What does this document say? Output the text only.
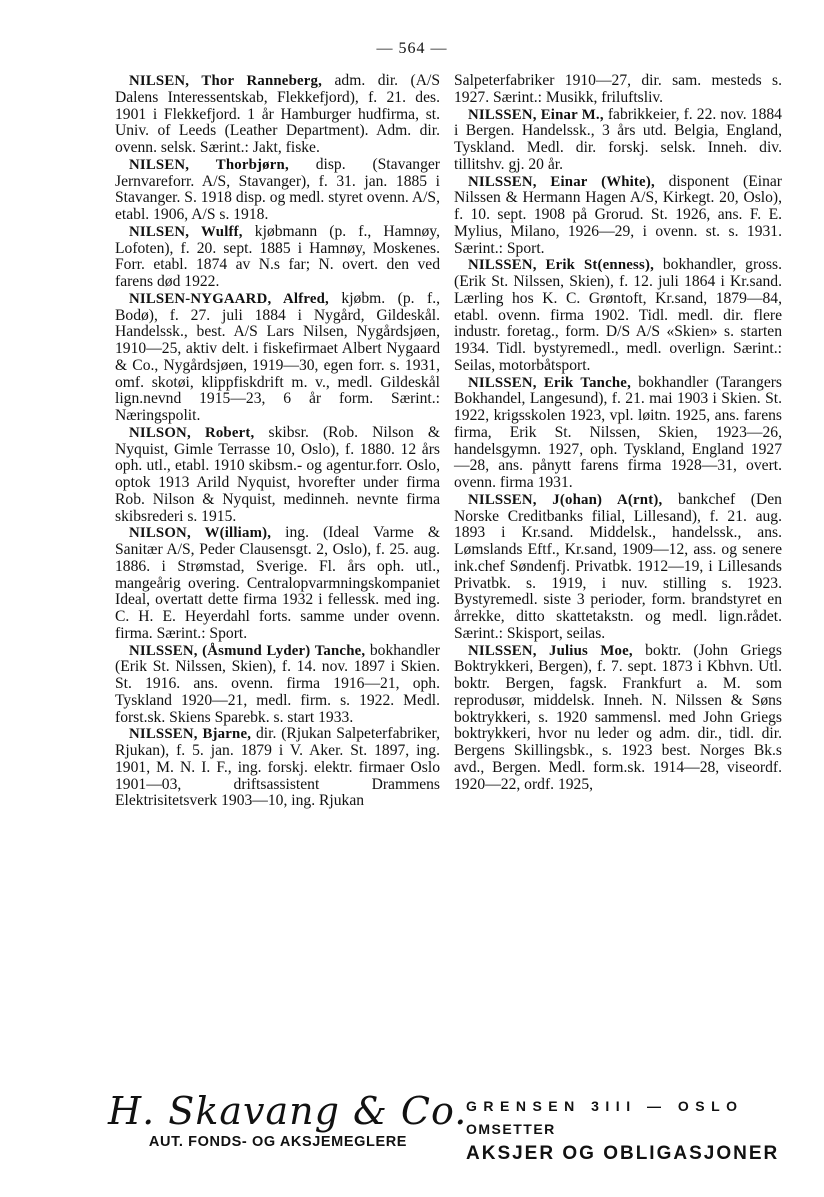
— 564 —

NILSEN, Thor Ranneberg, adm. dir. (A/S Dalens Interessentskab, Flekkefjord), f. 21. des. 1901 i Flekkefjord. 1 år Hamburger hudfirma, st. Univ. of Leeds (Leather Department). Adm. dir. ovenn. selsk. Særint.: Jakt, fiske.

NILSEN, Thorbjørn, disp. (Stavanger Jernvareforr. A/S, Stavanger), f. 31. jan. 1885 i Stavanger. S. 1918 disp. og medl. styret ovenn. A/S, etabl. 1906, A/S s. 1918.

NILSEN, Wulff, kjøbmann (p. f., Hamnøy, Lofoten), f. 20. sept. 1885 i Hamnøy, Moskenes. Forr. etabl. 1874 av N.s far; N. overt. den ved farens død 1922.

NILSEN-NYGAARD, Alfred, kjøbm. (p. f., Bodø), f. 27. juli 1884 i Nygård, Gildeskål. Handelssk., best. A/S Lars Nilsen, Nygårdsjøen, 1910—25, aktiv delt. i fiskefirmaet Albert Nygaard & Co., Nygårdsjøen, 1919—30, egen forr. s. 1931, omf. skotøi, klippfiskdrift m. v., medl. Gildeskål lign.nevnd 1915—23, 6 år form. Særint.: Næringspolit.

NILSON, Robert, skibsr. (Rob. Nilson & Nyquist, Gimle Terrasse 10, Oslo), f. 1880. 12 års oph. utl., etabl. 1910 skibsm.- og agentur.forr. Oslo, optok 1913 Arild Nyquist, hvorefter under firma Rob. Nilson & Nyquist, medinneh. nevnte firma skibsrederi s. 1915.

NILSON, W(illiam), ing. (Ideal Varme & Sanitær A/S, Peder Clausensgt. 2, Oslo), f. 25. aug. 1886. i Strømstad, Sverige. Fl. års oph. utl., mangeårig overing. Centralopvarmningskompaniet Ideal, overtatt dette firma 1932 i fellessk. med ing. C. H. E. Heyerdahl forts. samme under ovenn. firma. Særint.: Sport.

NILSSEN, (Åsmund Lyder) Tanche, bokhandler (Erik St. Nilssen, Skien), f. 14. nov. 1897 i Skien. St. 1916. ans. ovenn. firma 1916—21, oph. Tyskland 1920—21, medl. firm. s. 1922. Medl. forst.sk. Skiens Sparebk. s. start 1933.

NILSSEN, Bjarne, dir. (Rjukan Salpeterfabriker, Rjukan), f. 5. jan. 1879 i V. Aker. St. 1897, ing. 1901, M. N. I. F., ing. forskj. elektr. firmaer Oslo 1901—03, driftsassistent Drammens Elektrisitetsverk 1903—10, ing. Rjukan

Salpeterfabriker 1910—27, dir. sam. mesteds s. 1927. Særint.: Musikk, friluftsliv.

NILSSEN, Einar M., fabrikkeier, f. 22. nov. 1884 i Bergen. Handelssk., 3 års utd. Belgia, England, Tyskland. Medl. dir. forskj. selsk. Inneh. div. tillitshv. gj. 20 år.

NILSSEN, Einar (White), disponent (Einar Nilssen & Hermann Hagen A/S, Kirkegt. 20, Oslo), f. 10. sept. 1908 på Grorud. St. 1926, ans. F. E. Mylius, Milano, 1926—29, i ovenn. st. s. 1931. Særint.: Sport.

NILSSEN, Erik St(enness), bokhandler, gross. (Erik St. Nilssen, Skien), f. 12. juli 1864 i Kr.sand. Lærling hos K. C. Grøntoft, Kr.sand, 1879—84, etabl. ovenn. firma 1902. Tidl. medl. dir. flere industr. foretag., form. D/S A/S «Skien» s. starten 1934. Tidl. bystyremedl., medl. overlign. Særint.: Seilas, motorbåtsport.

NILSSEN, Erik Tanche, bokhandler (Tarangers Bokhandel, Langesund), f. 21. mai 1903 i Skien. St. 1922, krigsskolen 1923, vpl. løitn. 1925, ans. farens firma, Erik St. Nilssen, Skien, 1923—26, handelsgymn. 1927, oph. Tyskland, England 1927—28, ans. pånytt farens firma 1928—31, overt. ovenn. firma 1931.

NILSSEN, J(ohan) A(rnt), bankchef (Den Norske Creditbanks filial, Lillesand), f. 21. aug. 1893 i Kr.sand. Middelsk., handelssk., ans. Lømslands Eftf., Kr.sand, 1909—12, ass. og senere ink.chef Søndenfj. Privatbk. 1912—19, i Lillesands Privatbk. s. 1919, i nuv. stilling s. 1923. Bystyremedl. siste 3 perioder, form. brandstyret en årrekke, ditto skattetakstn. og medl. lign.rådet. Særint.: Skisport, seilas.

NILSSEN, Julius Moe, boktr. (John Griegs Boktrykkeri, Bergen), f. 7. sept. 1873 i Kbhvn. Utl. boktr. Bergen, fagsk. Frankfurt a. M. som reprodusør, middelsk. Inneh. N. Nilssen & Søns boktrykkeri, s. 1920 sammensl. med John Griegs boktrykkeri, hvor nu leder og adm. dir., tidl. dir. Bergens Skillingsbk., s. 1923 best. Norges Bk.s avd., Bergen. Medl. form.sk. 1914—28, viseordf. 1920—22, ordf. 1925,

H. Skavang & Co.
AUT. FONDS- OG AKSJEMEGLERE
GRENSEN 3III — OSLO
OMSETTER
AKSJER OG OBLIGASJONER
